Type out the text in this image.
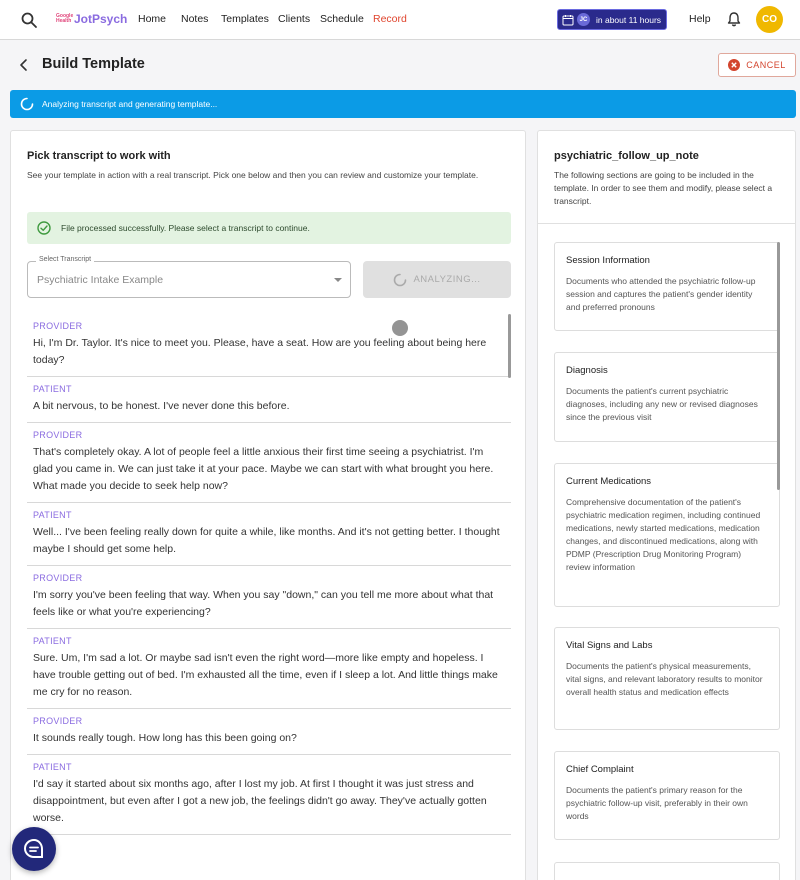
Google Health JotPsych Home Notes Templates Clients Schedule Record	JC	in about 11 hours	Help	CO
Build Template	CANCEL
Analyzing transcript and generating template...
Pick transcript to work with
See your template in action with a real transcript. Pick one below and then you can review and customize your template.
File processed successfully. Please select a transcript to continue.
Select Transcript
Psychiatric Intake Example	ANALYZING...
PROVIDER
Hi, I'm Dr. Taylor. It's nice to meet you. Please, have a seat. How are you feeling about being here today?
PATIENT
A bit nervous, to be honest. I've never done this before.
PROVIDER
That's completely okay. A lot of people feel a little anxious their first time seeing a psychiatrist. I'm glad you came in. We can just take it at your pace. Maybe we can start with what brought you here. What made you decide to seek help now?
PATIENT
Well... I've been feeling really down for quite a while, like months. And it's not getting better. I thought maybe I should get some help.
PROVIDER
I'm sorry you've been feeling that way. When you say "down," can you tell me more about what that feels like or what you're experiencing?
PATIENT
Sure. Um, I'm sad a lot. Or maybe sad isn't even the right word—more like empty and hopeless. I have trouble getting out of bed. I'm exhausted all the time, even if I sleep a lot. And little things make me cry for no reason.
PROVIDER
It sounds really tough. How long has this been going on?
PATIENT
I'd say it started about six months ago, after I lost my job. At first I thought it was just stress and disappointment, but even after I got a new job, the feelings didn't go away. They've actually gotten worse.
psychiatric_follow_up_note
The following sections are going to be included in the template. In order to see them and modify, please select a transcript.
Session Information
Documents who attended the psychiatric follow-up session and captures the patient's gender identity and preferred pronouns
Diagnosis
Documents the patient's current psychiatric diagnoses, including any new or revised diagnoses since the previous visit
Current Medications
Comprehensive documentation of the patient's psychiatric medication regimen, including continued medications, newly started medications, medication changes, and discontinued medications, along with PDMP (Prescription Drug Monitoring Program) review information
Vital Signs and Labs
Documents the patient's physical measurements, vital signs, and relevant laboratory results to monitor overall health status and medication effects
Chief Complaint
Documents the patient's primary reason for the psychiatric follow-up visit, preferably in their own words
